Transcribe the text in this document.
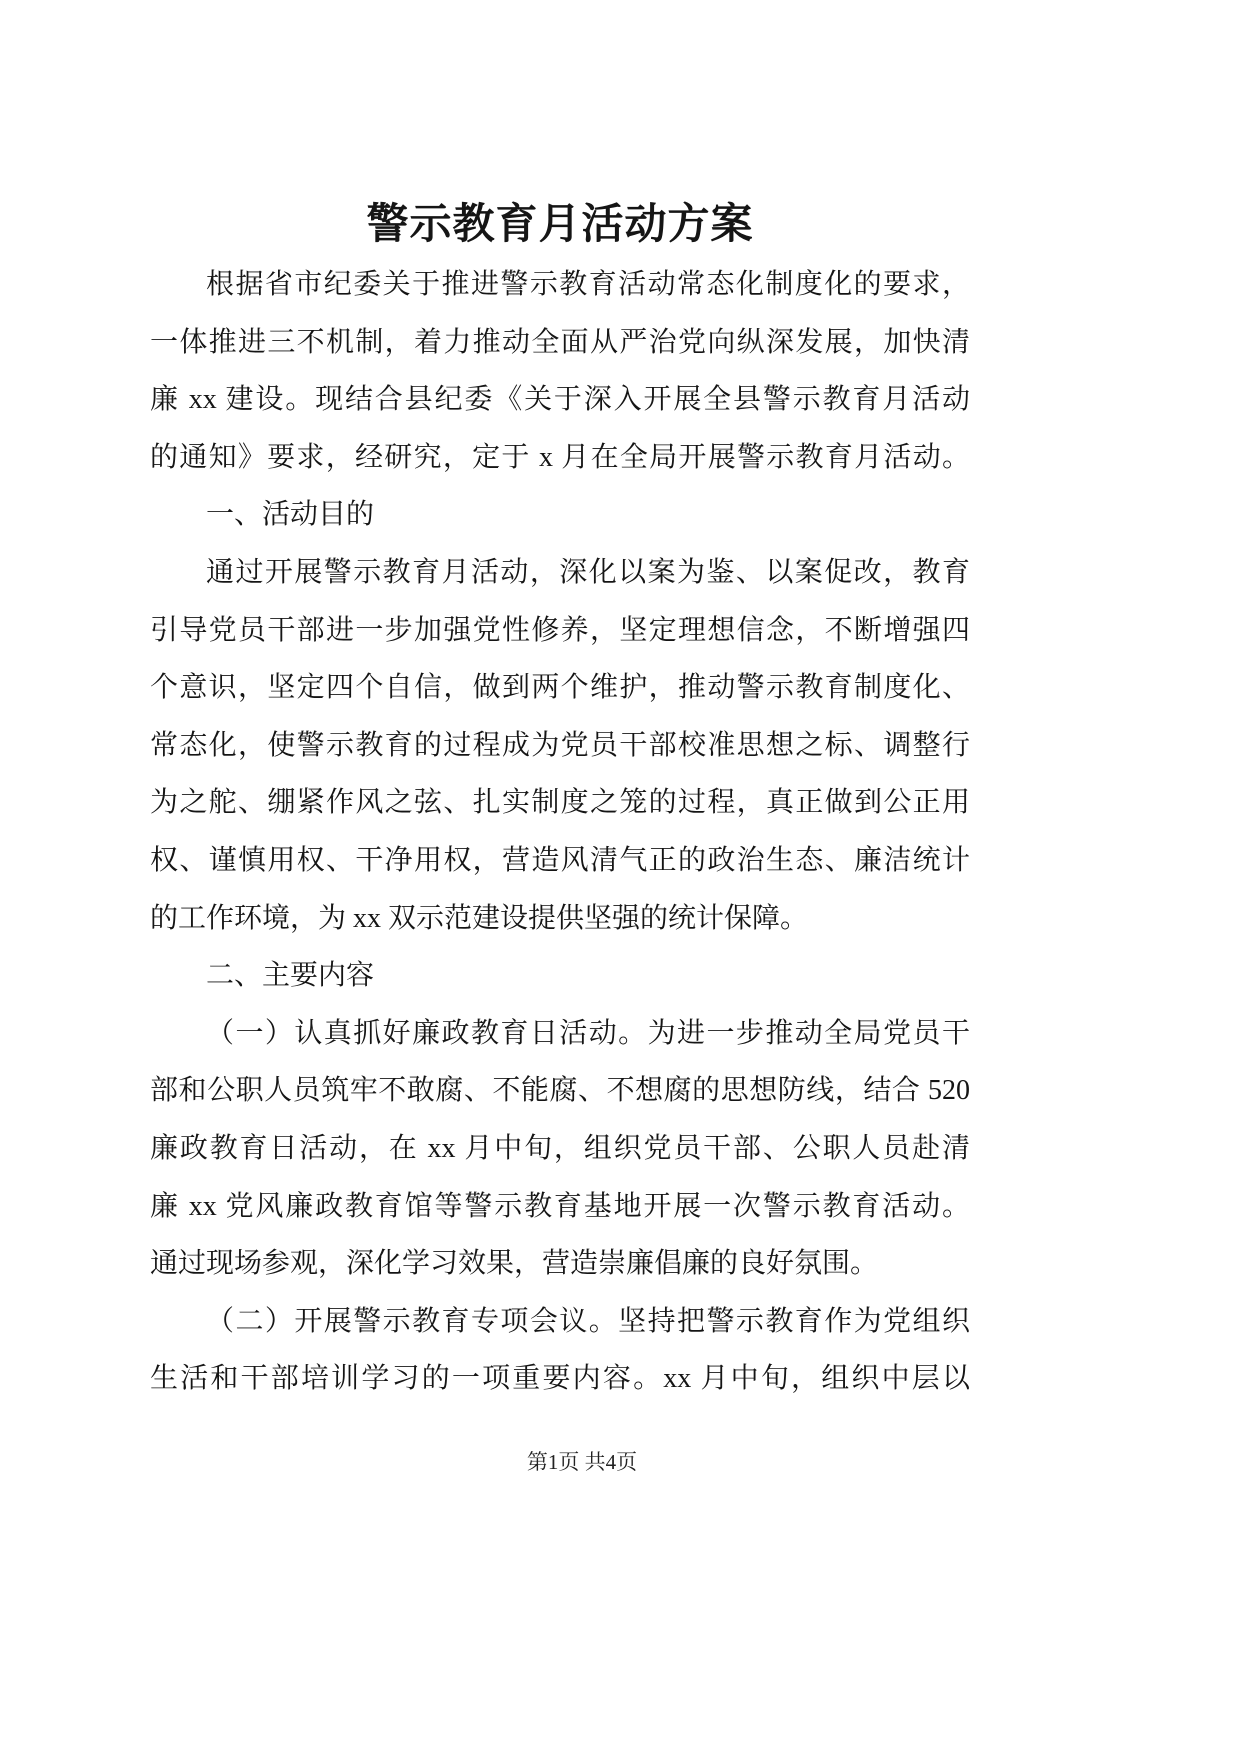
警示教育月活动方案
根据省市纪委关于推进警示教育活动常态化制度化的要求，
一体推进三不机制，着力推动全面从严治党向纵深发展，加快清
廉 xx 建设。现结合县纪委《关于深入开展全县警示教育月活动
的通知》要求，经研究，定于 x 月在全局开展警示教育月活动。
一、活动目的
通过开展警示教育月活动，深化以案为鉴、以案促改，教育
引导党员干部进一步加强党性修养，坚定理想信念，不断增强四
个意识，坚定四个自信，做到两个维护，推动警示教育制度化、
常态化，使警示教育的过程成为党员干部校准思想之标、调整行
为之舵、绷紧作风之弦、扎实制度之笼的过程，真正做到公正用
权、谨慎用权、干净用权，营造风清气正的政治生态、廉洁统计
的工作环境，为 xx 双示范建设提供坚强的统计保障。
二、主要内容
（一）认真抓好廉政教育日活动。为进一步推动全局党员干
部和公职人员筑牢不敢腐、不能腐、不想腐的思想防线，结合 520
廉政教育日活动，在 xx 月中旬，组织党员干部、公职人员赴清
廉 xx 党风廉政教育馆等警示教育基地开展一次警示教育活动。
通过现场参观，深化学习效果，营造崇廉倡廉的良好氛围。
（二）开展警示教育专项会议。坚持把警示教育作为党组织
生活和干部培训学习的一项重要内容。xx 月中旬，组织中层以
第1页 共4页
